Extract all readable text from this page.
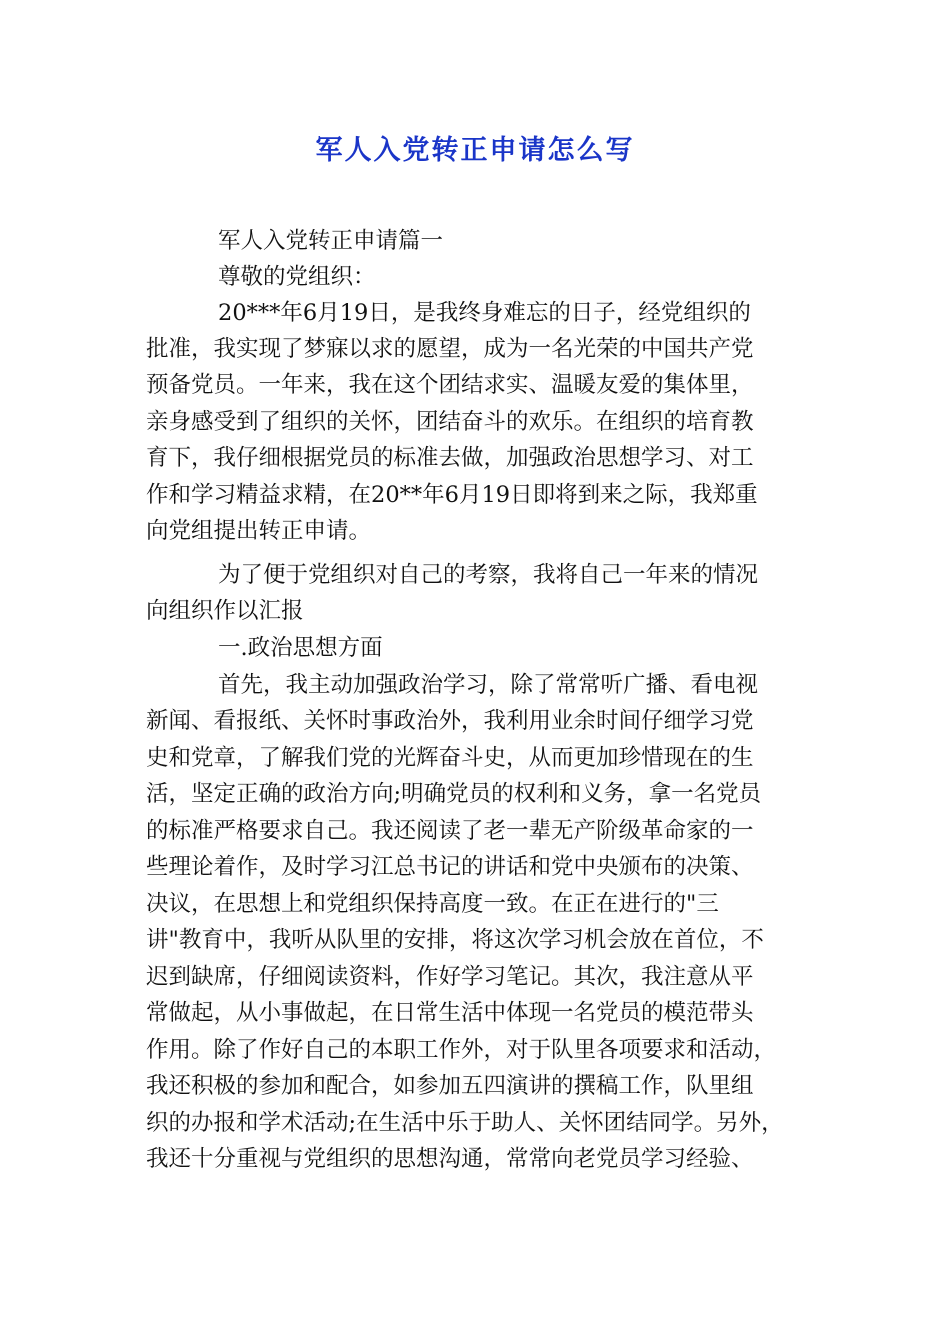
军人入党转正申请怎么写
军人入党转正申请篇一
尊敬的党组织：
20***年6月19日，是我终身难忘的日子，经党组织的
批准，我实现了梦寐以求的愿望，成为一名光荣的中国共产党
预备党员。一年来，我在这个团结求实、温暖友爱的集体里，
亲身感受到了组织的关怀，团结奋斗的欢乐。在组织的培育教
育下，我仔细根据党员的标准去做，加强政治思想学习、对工
作和学习精益求精，在20**年6月19日即将到来之际，我郑重
向党组提出转正申请。
为了便于党组织对自己的考察，我将自己一年来的情况
向组织作以汇报
一.政治思想方面
首先，我主动加强政治学习，除了常常听广播、看电视
新闻、看报纸、关怀时事政治外，我利用业余时间仔细学习党
史和党章，了解我们党的光辉奋斗史，从而更加珍惜现在的生
活，坚定正确的政治方向;明确党员的权利和义务，拿一名党员
的标准严格要求自己。我还阅读了老一辈无产阶级革命家的一
些理论着作，及时学习江总书记的讲话和党中央颁布的决策、
决议，在思想上和党组织保持高度一致。在正在进行的"三
讲"教育中，我听从队里的安排，将这次学习机会放在首位，不
迟到缺席，仔细阅读资料，作好学习笔记。其次，我注意从平
常做起，从小事做起，在日常生活中体现一名党员的模范带头
作用。除了作好自己的本职工作外，对于队里各项要求和活动，
我还积极的参加和配合，如参加五四演讲的撰稿工作，队里组
织的办报和学术活动;在生活中乐于助人、关怀团结同学。另外，
我还十分重视与党组织的思想沟通，常常向老党员学习经验、
